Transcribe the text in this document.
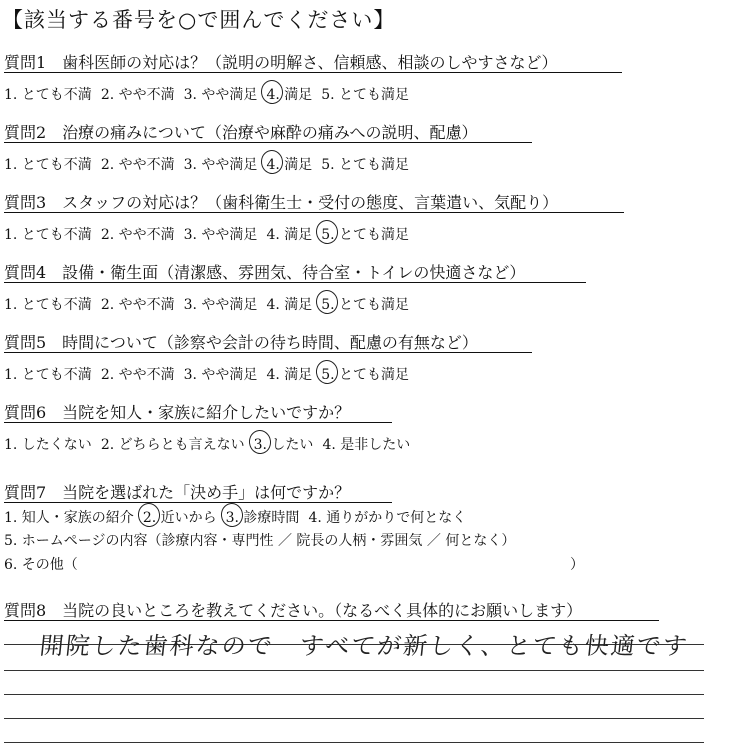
【該当する番号を○で囲んでください】
質問1　歯科医師の対応は？（説明の明解さ、信頼感、相談のしやすさなど）
1. とても不満 2. やや不満 3. やや満足 4. 満足 5. とても満足
質問2　治療の痛みについて（治療や麻酔の痛みへの説明、配慮）
1. とても不満 2. やや不満 3. やや満足 4. 満足 5. とても満足
質問3　スタッフの対応は？（歯科衛生士・受付の態度、言葉遣い、気配り）
1. とても不満 2. やや不満 3. やや満足 4. 満足 5. とても満足
質問4　設備・衛生面（清潔感、雰囲気、待合室・トイレの快適さなど）
1. とても不満 2. やや不満 3. やや満足 4. 満足 5. とても満足
質問5　時間について（診察や会計の待ち時間、配慮の有無など）
1. とても不満 2. やや不満 3. やや満足 4. 満足 5. とても満足
質問6　当院を知人・家族に紹介したいですか？
1. したくない 2. どちらとも言えない 3. したい 4. 是非したい
質問7　当院を選ばれた「決め手」は何ですか？
1. 知人・家族の紹介 2. 近いから 3. 診療時間 4. 通りがかりで何となく
5. ホームページの内容（診療内容・専門性 ／ 院長の人柄・雰囲気 ／ 何となく）
6. その他（	）
質問8　当院の良いところを教えてください。（なるべく具体的にお願いします）
開院した歯科なので　すべてが新しく、とても快適です
